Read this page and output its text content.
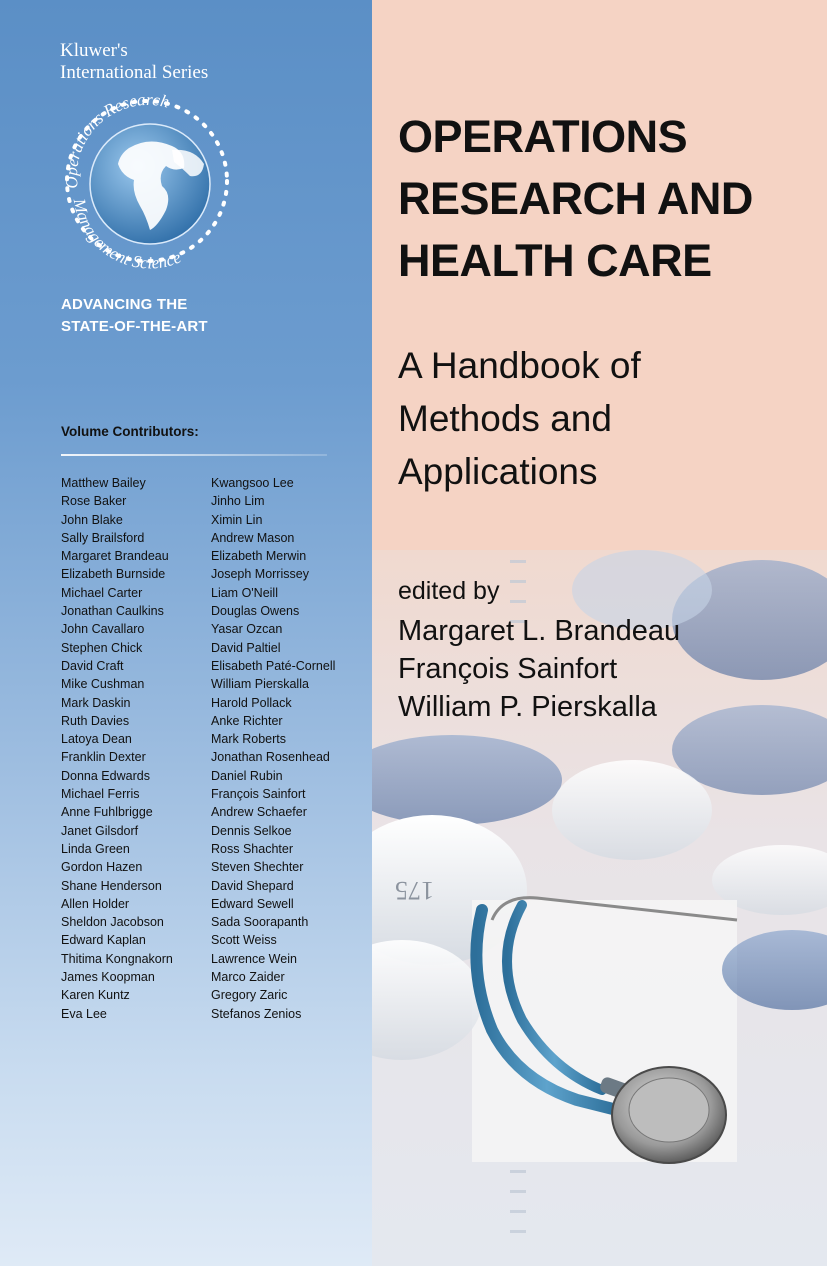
Kluwer's
International Series
Operations Research
Management Science
ADVANCING THE
STATE-OF-THE-ART
Volume Contributors:
Matthew Bailey
Rose Baker
John Blake
Sally Brailsford
Margaret Brandeau
Elizabeth Burnside
Michael Carter
Jonathan Caulkins
John Cavallaro
Stephen Chick
David Craft
Mike Cushman
Mark Daskin
Ruth Davies
Latoya Dean
Franklin Dexter
Donna Edwards
Michael Ferris
Anne Fuhlbrigge
Janet Gilsdorf
Linda Green
Gordon Hazen
Shane Henderson
Allen Holder
Sheldon Jacobson
Edward Kaplan
Thitima Kongnakorn
James Koopman
Karen Kuntz
Eva Lee
Kwangsoo Lee
Jinho Lim
Ximin Lin
Andrew Mason
Elizabeth Merwin
Joseph Morrissey
Liam O'Neill
Douglas Owens
Yasar Ozcan
David Paltiel
Elisabeth Paté-Cornell
William Pierskalla
Harold Pollack
Anke Richter
Mark Roberts
Jonathan Rosenhead
Daniel Rubin
François Sainfort
Andrew Schaefer
Dennis Selkoe
Ross Shachter
Steven Shechter
David Shepard
Edward Sewell
Sada Soorapanth
Scott Weiss
Lawrence Wein
Marco Zaider
Gregory Zaric
Stefanos Zenios
175
OPERATIONS
RESEARCH AND
HEALTH CARE
A Handbook of
Methods and
Applications
edited by
Margaret L. Brandeau
François Sainfort
William P. Pierskalla
